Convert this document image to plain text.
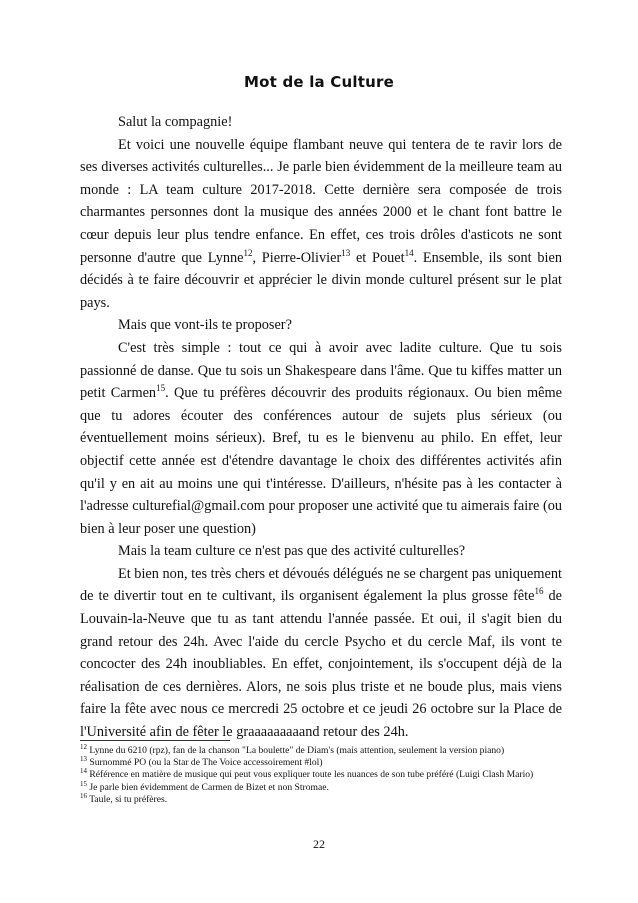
Mot de la Culture

Salut la compagnie!

Et voici une nouvelle équipe flambant neuve qui tentera de te ravir lors de ses diverses activités culturelles... Je parle bien évidemment de la meilleure team au monde : LA team culture 2017-2018. Cette dernière sera composée de trois charmantes personnes dont la musique des années 2000 et le chant font battre le cœur depuis leur plus tendre enfance. En effet, ces trois drôles d'asticots ne sont personne d'autre que Lynne$^{12}$, Pierre-Olivier$^{13}$ et Pouet$^{14}$. Ensemble, ils sont bien décidés à te faire découvrir et apprécier le divin monde culturel présent sur le plat pays.

Mais que vont-ils te proposer?

C'est très simple : tout ce qui à avoir avec ladite culture. Que tu sois passionné de danse. Que tu sois un Shakespeare dans l'âme. Que tu kiffes matter un petit Carmen$^{15}$. Que tu préfères découvrir des produits régionaux. Ou bien même que tu adores écouter des conférences autour de sujets plus sérieux (ou éventuellement moins sérieux). Bref, tu es le bienvenu au philo. En effet, leur objectif cette année est d'étendre davantage le choix des différentes activités afin qu'il y en ait au moins une qui t'intéresse. D'ailleurs, n'hésite pas à les contacter à l'adresse culturefial@gmail.com pour proposer une activité que tu aimerais faire (ou bien à leur poser une question)

Mais la team culture ce n'est pas que des activité culturelles?

Et bien non, tes très chers et dévoués délégués ne se chargent pas uniquement de te divertir tout en te cultivant, ils organisent également la plus grosse fête$^{16}$ de Louvain-la-Neuve que tu as tant attendu l'année passée. Et oui, il s'agit bien du grand retour des 24h. Avec l'aide du cercle Psycho et du cercle Maf, ils vont te concocter des 24h inoubliables. En effet, conjointement, ils s'occupent déjà de la réalisation de ces dernières. Alors, ne sois plus triste et ne boude plus, mais viens faire la fête avec nous ce mercredi 25 octobre et ce jeudi 26 octobre sur la Place de l'Université afin de fêter le graaaaaaaaand retour des 24h.

$^{12}$ Lynne du 6210 (rpz), fan de la chanson "La boulette" de Diam's (mais attention, seulement la version piano)

$^{13}$ Surnommé PO (ou la Star de The Voice accessoirement #lol)

$^{14}$ Référence en matière de musique qui peut vous expliquer toute les nuances de son tube préféré (Luigi Clash Mario)

$^{15}$ Je parle bien évidemment de Carmen de Bizet et non Stromae.

$^{16}$ Taule, si tu préfères.

22
